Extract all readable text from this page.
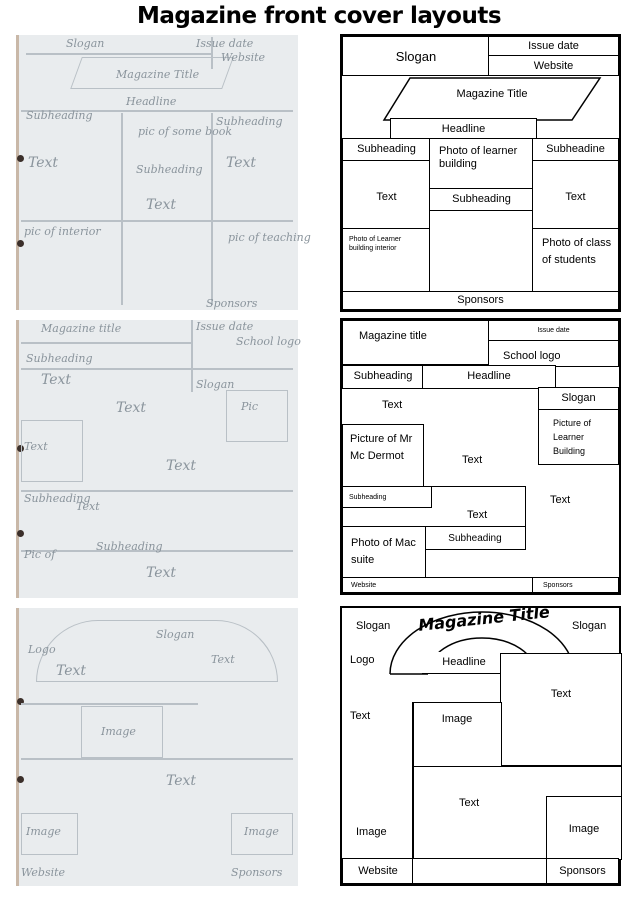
Magazine front cover layouts
Slogan	Issue date
Website
Magazine Title
Headline
Subheading	Subheading
pic of some book
Subheading
Text	Text
Text
pic of interior	pic of teaching
Sponsors
Magazine title	Issue date
School logo
Subheading
Slogan
Text
Text	Pic
Text
Subheading
Text
Text
Pic of
Subheading
Text
Slogan
Logo
Text
Text
Image
Text
Image	Image
Website	Sponsors
Slogan
Issue date
Website
Magazine Title
Headline
Subheading
Text
Photo of Learner building interior
Photo of learner building
Subheading
Subheadine
Text
Photo of class of students
Sponsors
Magazine title	Issue date
School logo
Subheading	Headline
Text
Slogan
Picture of Learner Building
Picture of Mr Mc Dermot	Text
Subheading	Text
Text
Subheading
Photo of Mac suite
Website	Sponsors
Slogan	Slogan
Magazine Title
Logo	Headline
Text
Text	Image
Text
Image	Image
Website	Sponsors
